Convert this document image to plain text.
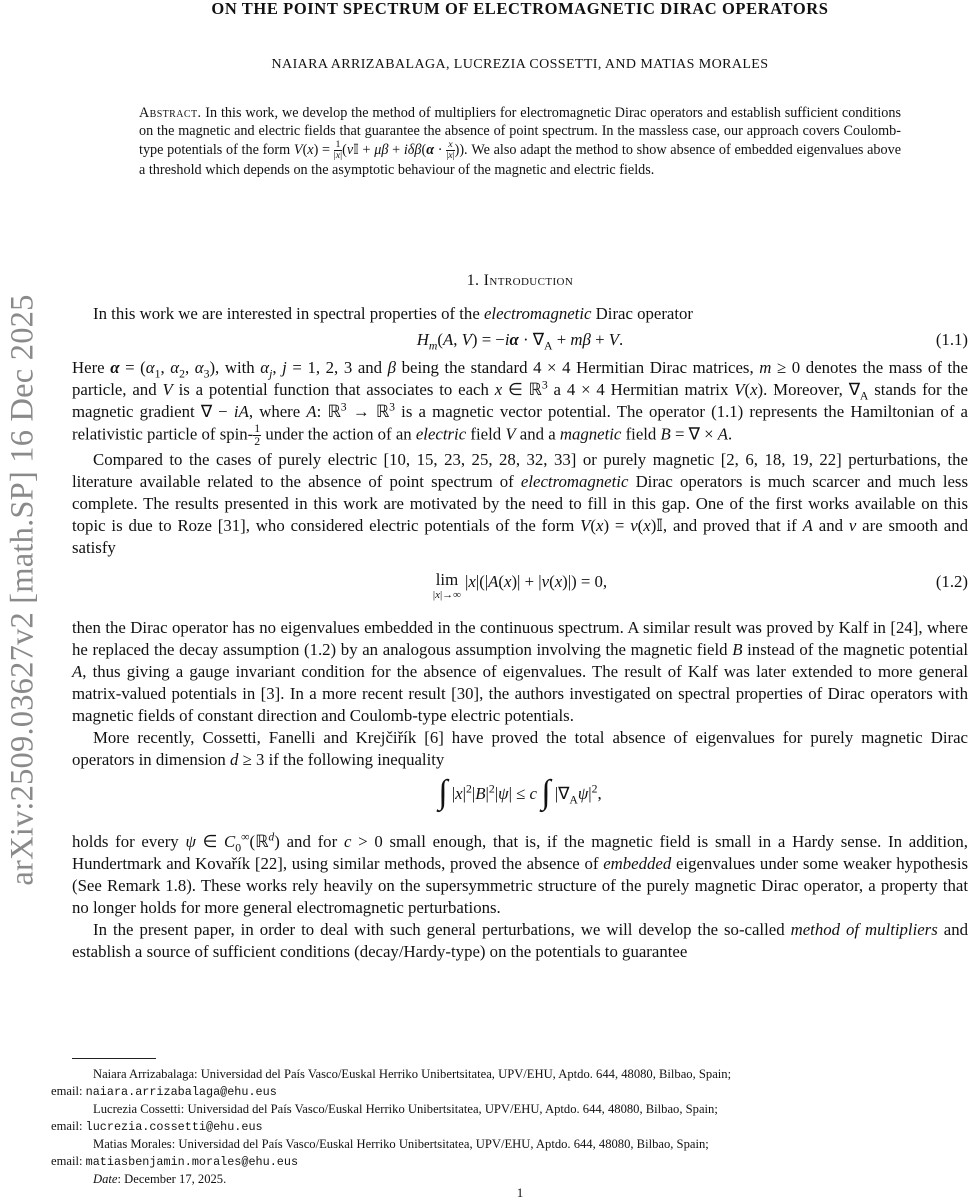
arXiv:2509.03627v2 [math.SP] 16 Dec 2025
ON THE POINT SPECTRUM OF ELECTROMAGNETIC DIRAC OPERATORS
NAIARA ARRIZABALAGA, LUCREZIA COSSETTI, AND MATIAS MORALES
Abstract. In this work, we develop the method of multipliers for electromagnetic Dirac operators and establish sufficient conditions on the magnetic and electric fields that guarantee the absence of point spectrum. In the massless case, our approach covers Coulomb-type potentials of the form $V(x) = \frac{1}{|x|}$ (ν𝕀 + $\mu\beta + i\delta\beta(\alpha \cdot \frac{x}{|x|}$ )). We also adapt the method to show absence of embedded eigenvalues above a threshold which depends on the asymptotic behaviour of the magnetic and electric fields.
1. Introduction

In this work we are interested in spectral properties of the electromagnetic Dirac operator

$H_m(A$, $V) = -i\alpha \cdot \nabla_A + m\beta + V$.	(1.1)

Here $\alpha = (\alpha_1$, $\alpha_2$, $\alpha_3$), with $\alpha_j$, j = 1, 2, 3 and β being the standard 4 × 4 Hermitian Dirac matrices, m ≥ 0 denotes the mass of the particle, and V is a potential function that associates to each x ∈ ℝ$^3$ a 4 × 4 Hermitian matrix V(x). Moreover, $\nabla_A$ stands for the magnetic gradient ∇ − iA, where A: ℝ$^3$ → ℝ$^3$ is a magnetic vector potential. The operator (1.1) represents the Hamiltonian of a relativistic particle of spin- $\frac{1}{2}$ under the action of an electric field V and a magnetic field B = ∇ × A.

Compared to the cases of purely electric [10, 15, 23, 25, 28, 32, 33] or purely magnetic [2, 6, 18, 19, 22] perturbations, the literature available related to the absence of point spectrum of electromagnetic Dirac operators is much scarcer and much less complete. The results presented in this work are motivated by the need to fill in this gap. One of the first works available on this topic is due to Roze [31], who considered electric potentials of the form V(x) = v(x)𝕀, and proved that if A and v are smooth and satisfy

lim
|x|→∞
|x|(|A(x)| + |v(x)|) = 0,	(1.2)

then the Dirac operator has no eigenvalues embedded in the continuous spectrum. A similar result was proved by Kalf in [24], where he replaced the decay assumption (1.2) by an analogous assumption involving the magnetic field B instead of the magnetic potential A, thus giving a gauge invariant condition for the absence of eigenvalues. The result of Kalf was later extended to more general matrix-valued potentials in [3]. In a more recent result [30], the authors investigated on spectral properties of Dirac operators with magnetic fields of constant direction and Coulomb-type electric potentials.

More recently, Cossetti, Fanelli and Krejčiřík [6] have proved the total absence of eigenvalues for purely magnetic Dirac operators in dimension d ≥ 3 if the following inequality

∫ $|x|^2|B|^2|\psi| \le c$ ∫ $|\nabla_A\psi|^2$,

holds for every ψ ∈ $C_0^\infty(ℝ^d)$ and for c > 0 small enough, that is, if the magnetic field is small in a Hardy sense. In addition, Hundertmark and Kovařík [22], using similar methods, proved the absence of embedded eigenvalues under some weaker hypothesis (See Remark 1.8). These works rely heavily on the supersymmetric structure of the purely magnetic Dirac operator, a property that no longer holds for more general electromagnetic perturbations.

In the present paper, in order to deal with such general perturbations, we will develop the so-called method of multipliers and establish a source of sufficient conditions (decay/Hardy-type) on the potentials to guarantee

Naiara Arrizabalaga: Universidad del País Vasco/Euskal Herriko Unibertsitatea, UPV/EHU, Aptdo. 644, 48080, Bilbao, Spain;
email: naiara.arrizabalaga@ehu.eus
Lucrezia Cossetti: Universidad del País Vasco/Euskal Herriko Unibertsitatea, UPV/EHU, Aptdo. 644, 48080, Bilbao, Spain;
email: lucrezia.cossetti@ehu.eus
Matias Morales: Universidad del País Vasco/Euskal Herriko Unibertsitatea, UPV/EHU, Aptdo. 644, 48080, Bilbao, Spain;
email: matiasbenjamin.morales@ehu.eus
Date: December 17, 2025.
1
